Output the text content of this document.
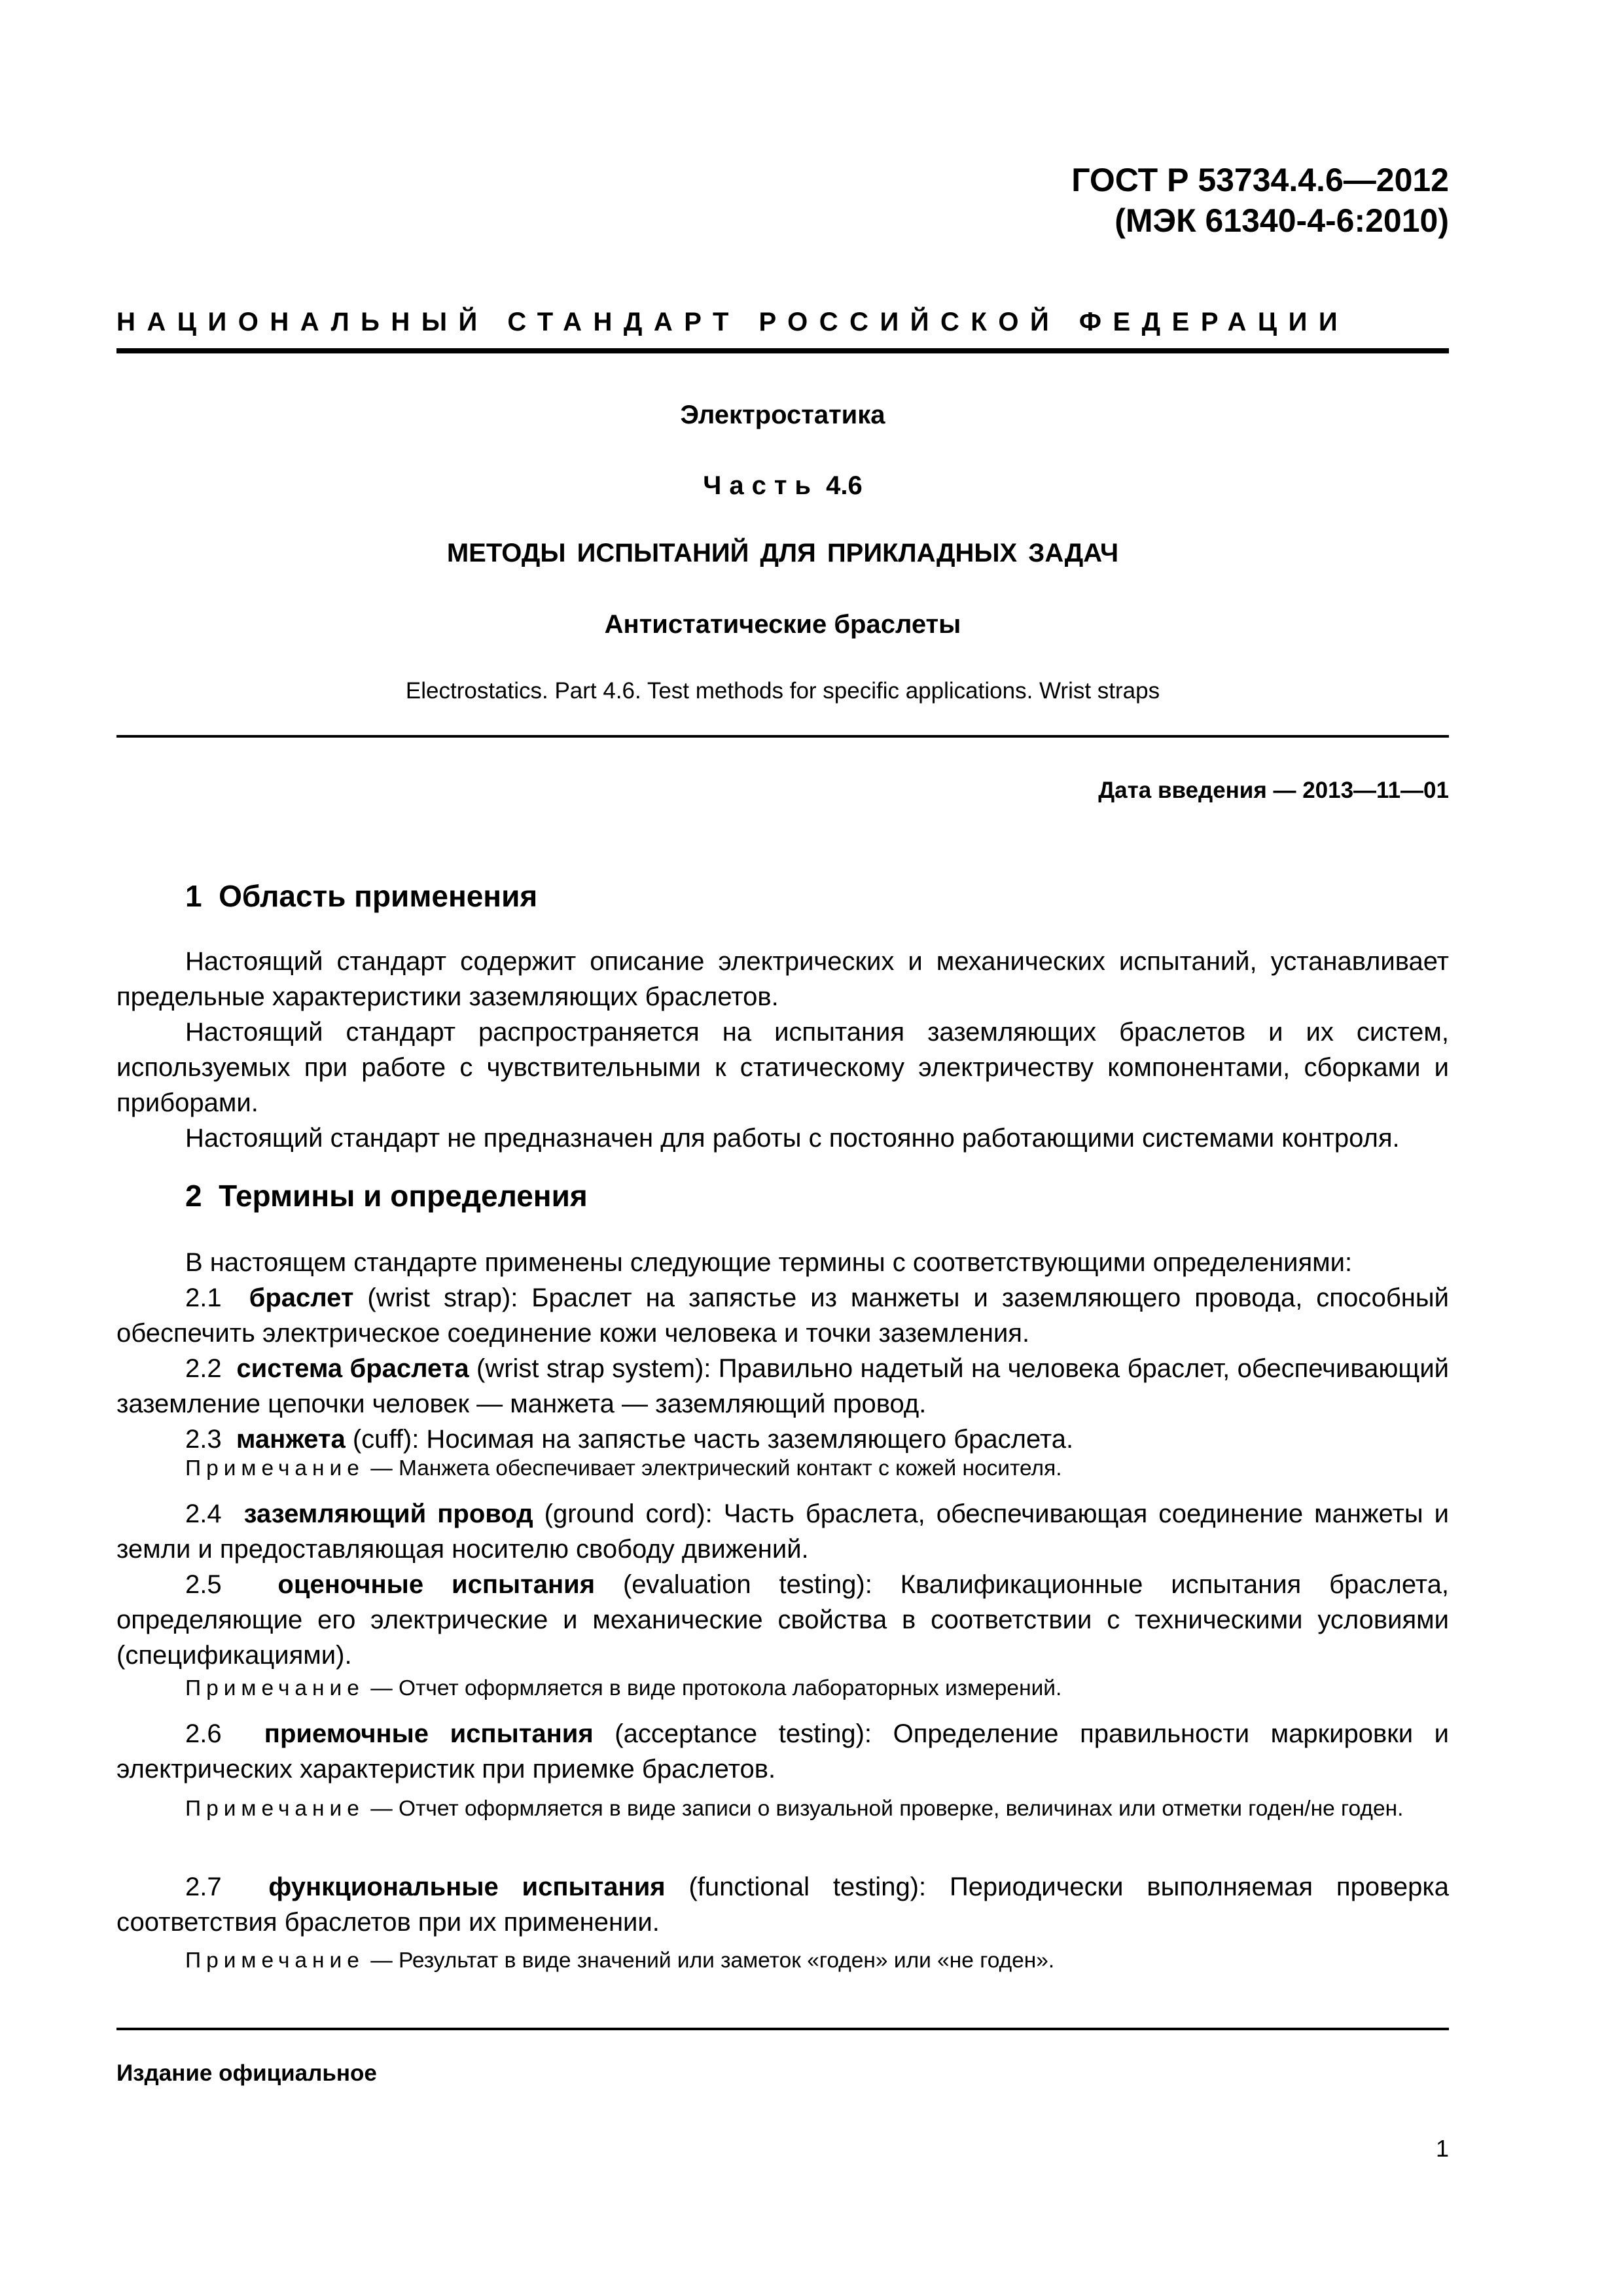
ГОСТ Р 53734.4.6—2012
(МЭК 61340-4-6:2010)
НАЦИОНАЛЬНЫЙ СТАНДАРТ РОССИЙСКОЙ ФЕДЕРАЦИИ
Электростатика
Часть 4.6
МЕТОДЫ ИСПЫТАНИЙ ДЛЯ ПРИКЛАДНЫХ ЗАДАЧ
Антистатические браслеты
Electrostatics. Part 4.6. Test methods for specific applications. Wrist straps
Дата введения — 2013—11—01
1  Область применения

Настоящий стандарт содержит описание электрических и механических испытаний, устанавливает предельные характеристики заземляющих браслетов.

Настоящий стандарт распространяется на испытания заземляющих браслетов и их систем, используемых при работе с чувствительными к статическому электричеству компонентами, сборками и приборами.

Настоящий стандарт не предназначен для работы с постоянно работающими системами контроля.

2  Термины и определения

В настоящем стандарте применены следующие термины с соответствующими определениями:

2.1 браслет (wrist strap): Браслет на запястье из манжеты и заземляющего провода, способный обеспечить электрическое соединение кожи человека и точки заземления.

2.2 система браслета (wrist strap system): Правильно надетый на человека браслет, обеспечивающий заземление цепочки человек — манжета — заземляющий провод.

2.3 манжета (cuff): Носимая на запястье часть заземляющего браслета.

Примечание — Манжета обеспечивает электрический контакт с кожей носителя.

2.4 заземляющий провод (ground cord): Часть браслета, обеспечивающая соединение манжеты и земли и предоставляющая носителю свободу движений.

2.5 оценочные испытания (evaluation testing): Квалификационные испытания браслета, определяющие его электрические и механические свойства в соответствии с техническими условиями (спецификациями).

Примечание — Отчет оформляется в виде протокола лабораторных измерений.

2.6 приемочные испытания (acceptance testing): Определение правильности маркировки и электрических характеристик при приемке браслетов.

Примечание — Отчет оформляется в виде записи о визуальной проверке, величинах или отметки годен/не годен.

2.7 функциональные испытания (functional testing): Периодически выполняемая проверка соответствия браслетов при их применении.

Примечание — Результат в виде значений или заметок «годен» или «не годен».

Издание официальное
1
